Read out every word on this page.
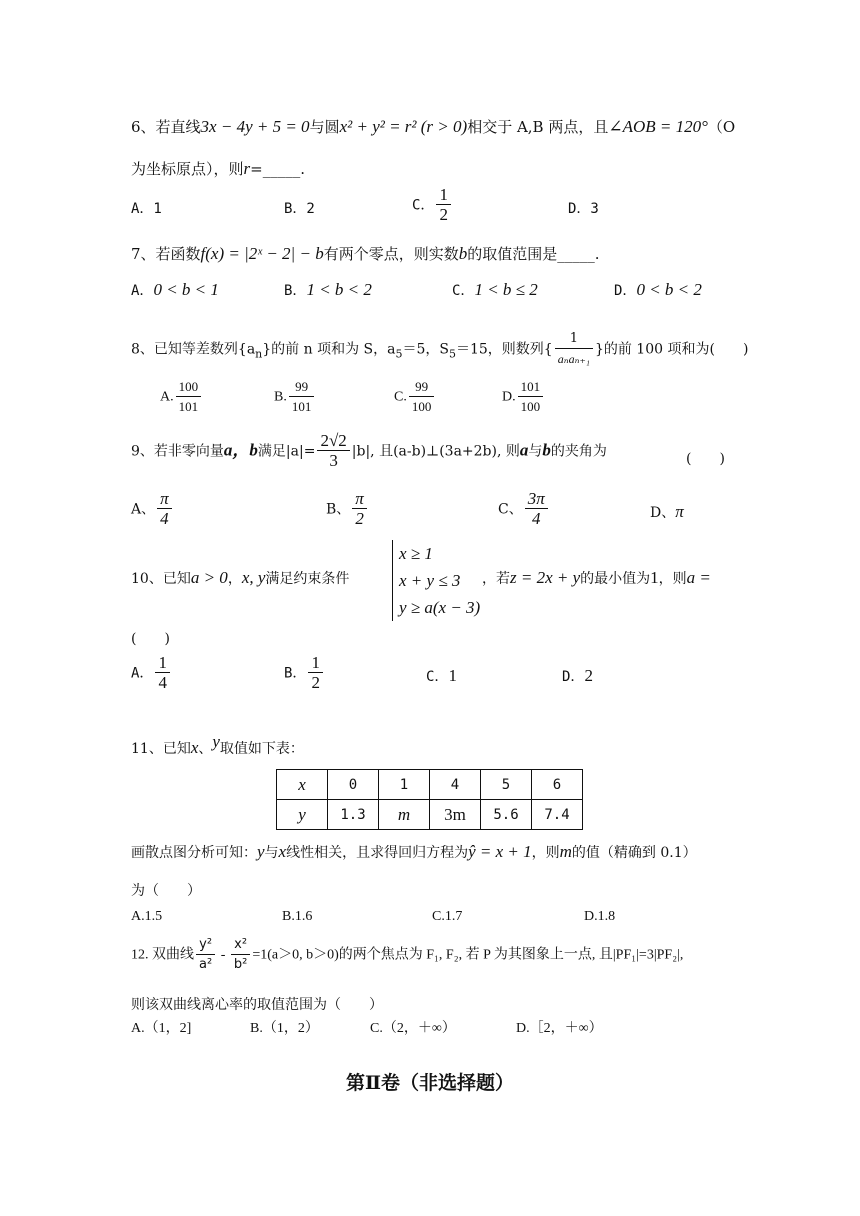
6、若直线3x − 4y + 5 = 0与圆x² + y² = r² (r > 0)相交于 A,B 两点，且∠AOB = 120°（O
为坐标原点），则r=_____.
A．1	B．2	C． $\frac{1}{2}$	D．3
7、若函数f(x) = |2ˣ − 2| − b有两个零点，则实数b的取值范围是_____.
A．0 < b < 1	B．1 < b < 2	C．1 < b ≤ 2	D．0 < b < 2
8、已知等差数列$\{a_n\}$的前 n 项和为 S，$a_5=5$，$S_5=15$，则数列{ $\frac{1}{\text{aₙaₙ₊₁}}$ }的前 100 项和为(　　)
A. $\frac{100}{101}$	B. $\frac{99}{101}$	C. $\frac{99}{100}$	D. $\frac{101}{100}$
9、若非零向量a，b满足$|a|= \frac{2√2}{3} |b|$, 且(a-b)⊥(3a+2b), 则a与b的夹角为	(　　)
A、 $\frac{\pi}{4}$	B、 $\frac{\pi}{2}$	C、 $\frac{3\pi}{4}$	D、π
10、已知a > 0，x, y满足约束条件
x ≥ 1
x + y ≤ 3
y ≥ a(x − 3)
，若z = 2x + y的最小值为1，则a =
(　　)
A． $\frac{1}{4}$	B． $\frac{1}{2}$	C．1	D．2
11、已知x、y取值如下表：
x	0	1	4	5	6
y	1.3	m	3m	5.6	7.4
画散点图分析可知：y与x线性相关，且求得回归方程为ŷ = x + 1，则m的值（精确到 0.1）
为（　　）
A.1.5	B.1.6	C.1.7	D.1.8
12. 双曲线 $\frac{\text{y²}}{\text{a²}} - \frac{\text{x²}}{\text{b²}} =1(a>0$, b＞0)的两个焦点为 F₁, F₂, 若 P 为其图象上一点, 且|PF₁|=3|PF₂|,
则该双曲线离心率的取值范围为（　　）
A.（1，2]	B.（1，2）	C.（2，＋∞）	D.［2，＋∞）
第Ⅱ卷（非选择题）
